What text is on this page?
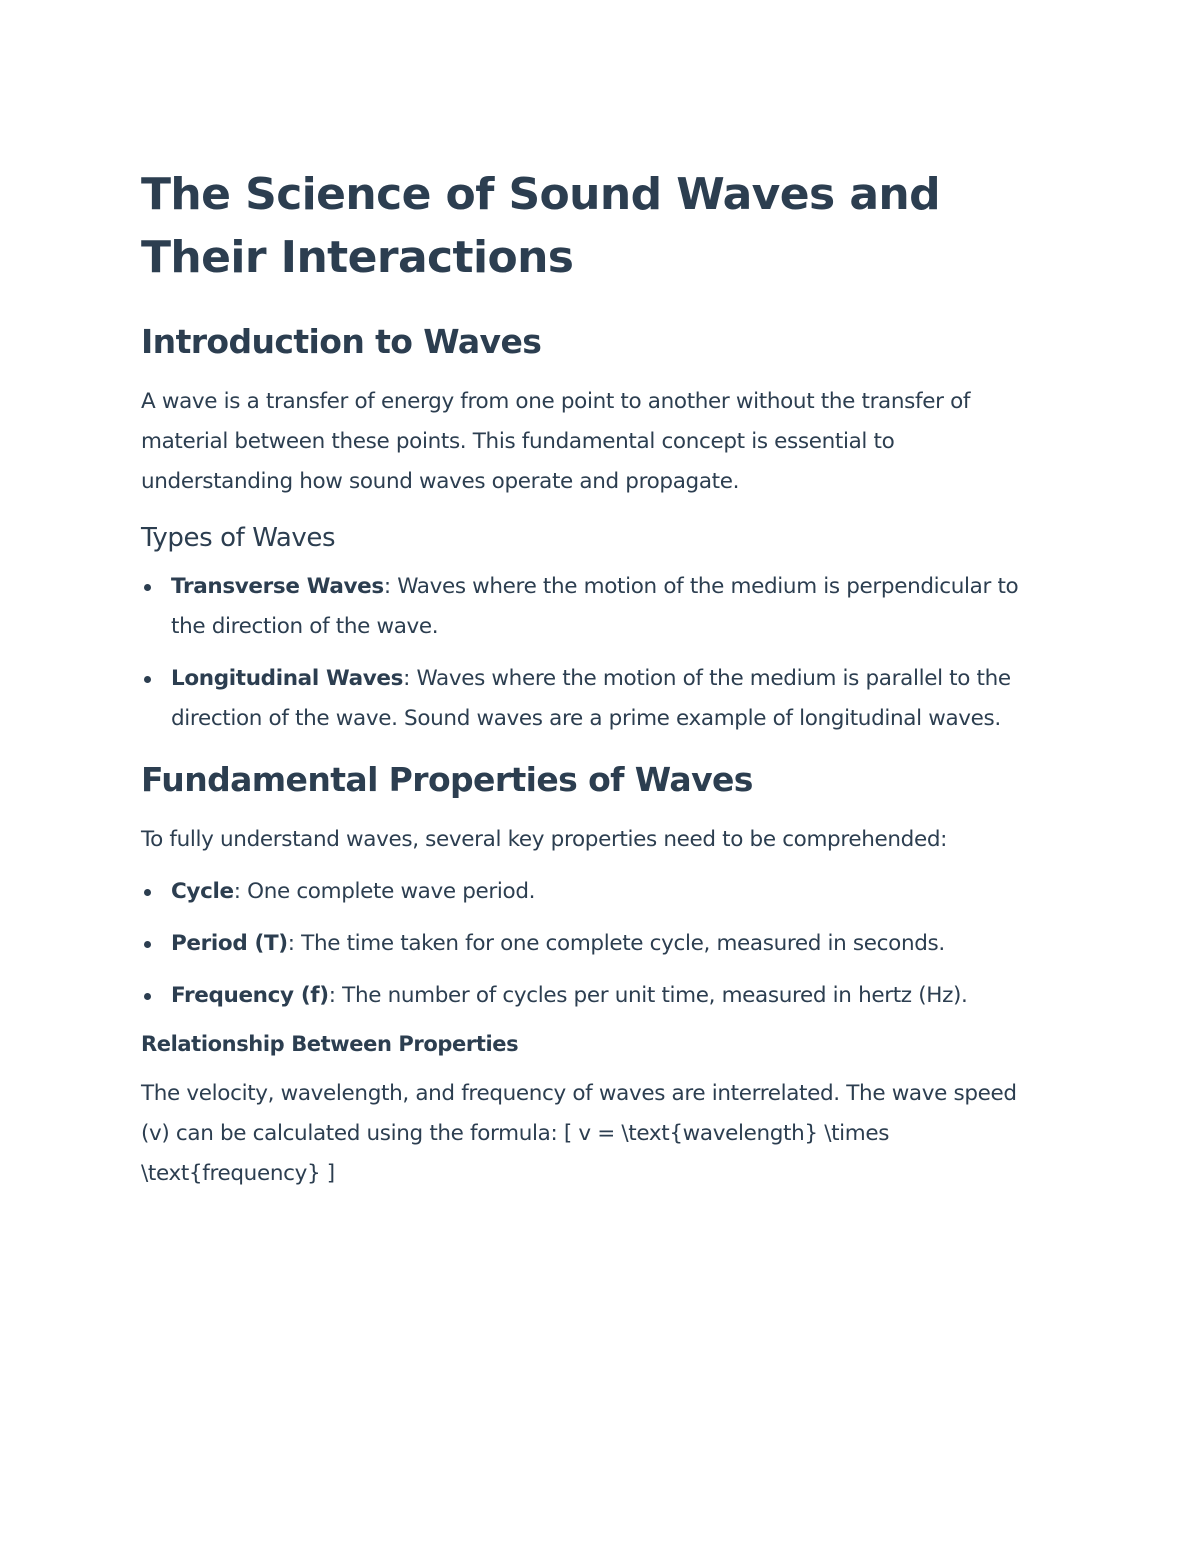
The Science of Sound Waves and Their Interactions
Introduction to Waves

A wave is a transfer of energy from one point to another without the transfer of material between these points. This fundamental concept is essential to understanding how sound waves operate and propagate.

Types of Waves
Transverse Waves: Waves where the motion of the medium is perpendicular to the direction of the wave.
Longitudinal Waves: Waves where the motion of the medium is parallel to the direction of the wave. Sound waves are a prime example of longitudinal waves.
Fundamental Properties of Waves

To fully understand waves, several key properties need to be comprehended:

Cycle: One complete wave period.
Period (T): The time taken for one complete cycle, measured in seconds.
Frequency (f): The number of cycles per unit time, measured in hertz (Hz).
Relationship Between Properties

The velocity, wavelength, and frequency of waves are interrelated. The wave speed (v) can be calculated using the formula: [ v = \text{wavelength} \times \text{frequency} ]
